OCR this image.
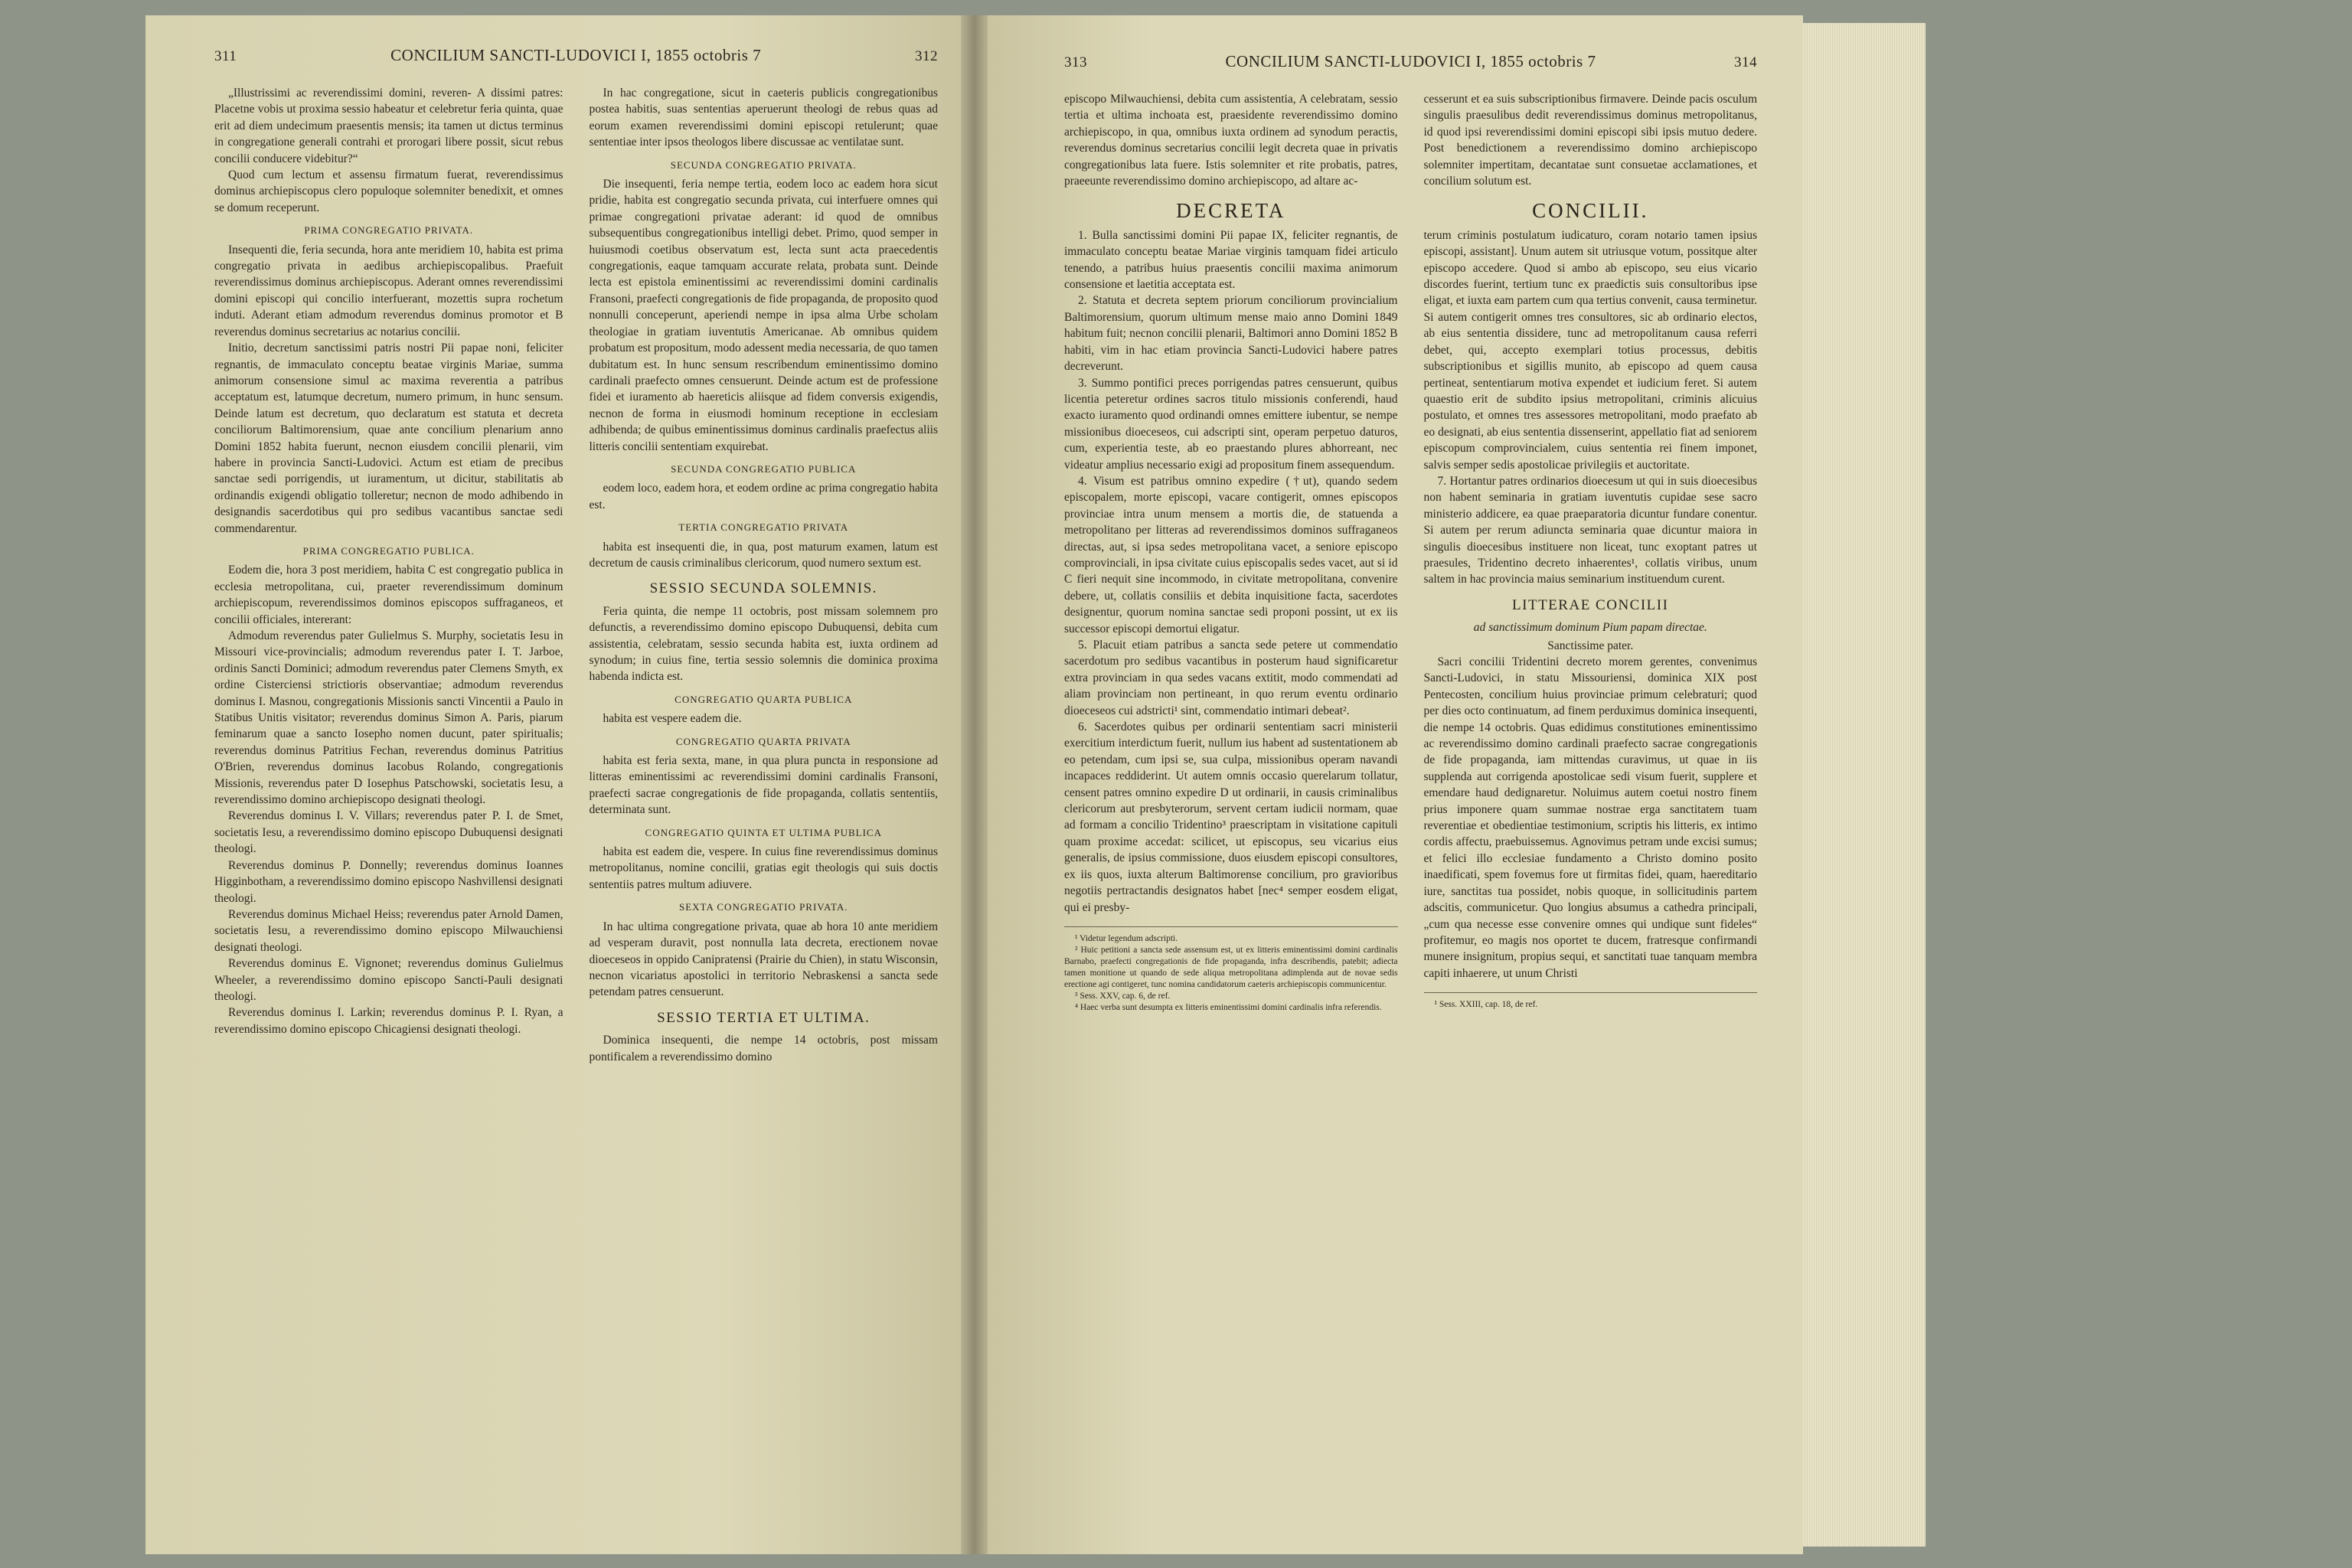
311	CONCILIUM SANCTI-LUDOVICI I, 1855 octobris 7	312

„Illustrissimi ac reverendissimi domini, reveren- A dissimi patres: Placetne vobis ut proxima sessio habeatur et celebretur feria quinta, quae erit ad diem undecimum praesentis mensis; ita tamen ut dictus terminus in congregatione generali contrahi et prorogari libere possit, sicut rebus concilii conducere videbitur?“

Quod cum lectum et assensu firmatum fuerat, reverendissimus dominus archiepiscopus clero populoque solemniter benedixit, et omnes se domum receperunt.

PRIMA CONGREGATIO PRIVATA.

Insequenti die, feria secunda, hora ante meridiem 10, habita est prima congregatio privata in aedibus archiepiscopalibus. Praefuit reverendissimus dominus archiepiscopus. Aderant omnes reverendissimi domini episcopi qui concilio interfuerant, mozettis supra rochetum induti. Aderant etiam admodum reverendus dominus promotor et B reverendus dominus secretarius ac notarius concilii.

Initio, decretum sanctissimi patris nostri Pii papae noni, feliciter regnantis, de immaculato conceptu beatae virginis Mariae, summa animorum consensione simul ac maxima reverentia a patribus acceptatum est, latumque decretum, numero primum, in hunc sensum. Deinde latum est decretum, quo declaratum est statuta et decreta conciliorum Baltimorensium, quae ante concilium plenarium anno Domini 1852 habita fuerunt, necnon eiusdem concilii plenarii, vim habere in provincia Sancti-Ludovici. Actum est etiam de precibus sanctae sedi porrigendis, ut iuramentum, ut dicitur, stabilitatis ab ordinandis exigendi obligatio tolleretur; necnon de modo adhibendo in designandis sacerdotibus qui pro sedibus vacantibus sanctae sedi commendarentur.

PRIMA CONGREGATIO PUBLICA.

Eodem die, hora 3 post meridiem, habita C est congregatio publica in ecclesia metropolitana, cui, praeter reverendissimum dominum archiepiscopum, reverendissimos dominos episcopos suffraganeos, et concilii officiales, intererant:

Admodum reverendus pater Gulielmus S. Murphy, societatis Iesu in Missouri vice-provincialis; admodum reverendus pater I. T. Jarboe, ordinis Sancti Dominici; admodum reverendus pater Clemens Smyth, ex ordine Cisterciensi strictioris observantiae; admodum reverendus dominus I. Masnou, congregationis Missionis sancti Vincentii a Paulo in Statibus Unitis visitator; reverendus dominus Simon A. Paris, piarum feminarum quae a sancto Iosepho nomen ducunt, pater spiritualis; reverendus dominus Patritius Fechan, reverendus dominus Patritius O'Brien, reverendus dominus Iacobus Rolando, congregationis Missionis, reverendus pater D Iosephus Patschowski, societatis Iesu, a reverendissimo domino archiepiscopo designati theologi.

Reverendus dominus I. V. Villars; reverendus pater P. I. de Smet, societatis Iesu, a reverendissimo domino episcopo Dubuquensi designati theologi.

Reverendus dominus P. Donnelly; reverendus dominus Ioannes Higginbotham, a reverendissimo domino episcopo Nashvillensi designati theologi.

Reverendus dominus Michael Heiss; reverendus pater Arnold Damen, societatis Iesu, a reverendissimo domino episcopo Milwauchiensi designati theologi.

Reverendus dominus E. Vignonet; reverendus dominus Gulielmus Wheeler, a reverendissimo domino episcopo Sancti-Pauli designati theologi.

Reverendus dominus I. Larkin; reverendus dominus P. I. Ryan, a reverendissimo domino episcopo Chicagiensi designati theologi.

In hac congregatione, sicut in caeteris publicis congregationibus postea habitis, suas sententias aperuerunt theologi de rebus quas ad eorum examen reverendissimi domini episcopi retulerunt; quae sententiae inter ipsos theologos libere discussae ac ventilatae sunt.

SECUNDA CONGREGATIO PRIVATA.

Die insequenti, feria nempe tertia, eodem loco ac eadem hora sicut pridie, habita est congregatio secunda privata, cui interfuere omnes qui primae congregationi privatae aderant: id quod de omnibus subsequentibus congregationibus intelligi debet. Primo, quod semper in huiusmodi coetibus observatum est, lecta sunt acta praecedentis congregationis, eaque tamquam accurate relata, probata sunt. Deinde lecta est epistola eminentissimi ac reverendissimi domini cardinalis Fransoni, praefecti congregationis de fide propaganda, de proposito quod nonnulli conceperunt, aperiendi nempe in ipsa alma Urbe scholam theologiae in gratiam iuventutis Americanae. Ab omnibus quidem probatum est propositum, modo adessent media necessaria, de quo tamen dubitatum est. In hunc sensum rescribendum eminentissimo domino cardinali praefecto omnes censuerunt. Deinde actum est de professione fidei et iuramento ab haereticis aliisque ad fidem conversis exigendis, necnon de forma in eiusmodi hominum receptione in ecclesiam adhibenda; de quibus eminentissimus dominus cardinalis praefectus aliis litteris concilii sententiam exquirebat.

SECUNDA CONGREGATIO PUBLICA

eodem loco, eadem hora, et eodem ordine ac prima congregatio habita est.

TERTIA CONGREGATIO PRIVATA

habita est insequenti die, in qua, post maturum examen, latum est decretum de causis criminalibus clericorum, quod numero sextum est.

SESSIO SECUNDA SOLEMNIS.

Feria quinta, die nempe 11 octobris, post missam solemnem pro defunctis, a reverendissimo domino episcopo Dubuquensi, debita cum assistentia, celebratam, sessio secunda habita est, iuxta ordinem ad synodum; in cuius fine, tertia sessio solemnis die dominica proxima habenda indicta est.

CONGREGATIO QUARTA PUBLICA

habita est vespere eadem die.

CONGREGATIO QUARTA PRIVATA

habita est feria sexta, mane, in qua plura puncta in responsione ad litteras eminentissimi ac reverendissimi domini cardinalis Fransoni, praefecti sacrae congregationis de fide propaganda, collatis sententiis, determinata sunt.

CONGREGATIO QUINTA ET ULTIMA PUBLICA

habita est eadem die, vespere. In cuius fine reverendissimus dominus metropolitanus, nomine concilii, gratias egit theologis qui suis doctis sententiis patres multum adiuvere.

SEXTA CONGREGATIO PRIVATA.

In hac ultima congregatione privata, quae ab hora 10 ante meridiem ad vesperam duravit, post nonnulla lata decreta, erectionem novae dioeceseos in oppido Canipratensi (Prairie du Chien), in statu Wisconsin, necnon vicariatus apostolici in territorio Nebraskensi a sancta sede petendam patres censuerunt.

SESSIO TERTIA ET ULTIMA.

Dominica insequenti, die nempe 14 octobris, post missam pontificalem a reverendissimo domino

313	CONCILIUM SANCTI-LUDOVICI I, 1855 octobris 7	314

episcopo Milwauchiensi, debita cum assistentia, A celebratam, sessio tertia et ultima inchoata est, praesidente reverendissimo domino archiepiscopo, in qua, omnibus iuxta ordinem ad synodum peractis, reverendus dominus secretarius concilii legit decreta quae in privatis congregationibus lata fuere. Istis solemniter et rite probatis, patres, praeeunte reverendissimo domino archiepiscopo, ad altare ac-

DECRETA

1. Bulla sanctissimi domini Pii papae IX, feliciter regnantis, de immaculato conceptu beatae Mariae virginis tamquam fidei articulo tenendo, a patribus huius praesentis concilii maxima animorum consensione et laetitia acceptata est.

2. Statuta et decreta septem priorum conciliorum provincialium Baltimorensium, quorum ultimum mense maio anno Domini 1849 habitum fuit; necnon concilii plenarii, Baltimori anno Domini 1852 B habiti, vim in hac etiam provincia Sancti-Ludovici habere patres decreverunt.

3. Summo pontifici preces porrigendas patres censuerunt, quibus licentia peteretur ordines sacros titulo missionis conferendi, haud exacto iuramento quod ordinandi omnes emittere iubentur, se nempe missionibus dioeceseos, cui adscripti sint, operam perpetuo daturos, cum, experientia teste, ab eo praestando plures abhorreant, nec videatur amplius necessario exigi ad propositum finem assequendum.

4. Visum est patribus omnino expedire (†ut), quando sedem episcopalem, morte episcopi, vacare contigerit, omnes episcopos provinciae intra unum mensem a mortis die, de statuenda a metropolitano per litteras ad reverendissimos dominos suffraganeos directas, aut, si ipsa sedes metropolitana vacet, a seniore episcopo comprovinciali, in ipsa civitate cuius episcopalis sedes vacet, aut si id C fieri nequit sine incommodo, in civitate metropolitana, convenire debere, ut, collatis consiliis et debita inquisitione facta, sacerdotes designentur, quorum nomina sanctae sedi proponi possint, ut ex iis successor episcopi demortui eligatur.

5. Placuit etiam patribus a sancta sede petere ut commendatio sacerdotum pro sedibus vacantibus in posterum haud significaretur extra provinciam in qua sedes vacans extitit, modo commendati ad aliam provinciam non pertineant, in quo rerum eventu ordinario dioeceseos cui adstricti¹ sint, commendatio intimari debeat².

6. Sacerdotes quibus per ordinarii sententiam sacri ministerii exercitium interdictum fuerit, nullum ius habent ad sustentationem ab eo petendam, cum ipsi se, sua culpa, missionibus operam navandi incapaces reddiderint. Ut autem omnis occasio querelarum tollatur, censent patres omnino expedire D ut ordinarii, in causis criminalibus clericorum aut presbyterorum, servent certam iudicii normam, quae ad formam a concilio Tridentino³ praescriptam in visitatione capituli quam proxime accedat: scilicet, ut episcopus, seu vicarius eius generalis, de ipsius commissione, duos eiusdem episcopi consultores, ex iis quos, iuxta alterum Baltimorense concilium, pro gravioribus negotiis pertractandis designatos habet [nec⁴ semper eosdem eligat, qui ei presby-

¹ Videtur legendum adscripti.

² Huic petitioni a sancta sede assensum est, ut ex litteris eminentissimi domini cardinalis Barnabo, praefecti congregationis de fide propaganda, infra describendis, patebit; adiecta tamen monitione ut quando de sede aliqua metropolitana adimplenda aut de novae sedis erectione agi contigeret, tunc nomina candidatorum caeteris archiepiscopis communicentur.

³ Sess. XXV, cap. 6, de ref.

⁴ Haec verba sunt desumpta ex litteris eminentissimi domini cardinalis infra referendis.

cesserunt et ea suis subscriptionibus firmavere. Deinde pacis osculum singulis praesulibus dedit reverendissimus dominus metropolitanus, id quod ipsi reverendissimi domini episcopi sibi ipsis mutuo dedere. Post benedictionem a reverendissimo domino archiepiscopo solemniter impertitam, decantatae sunt consuetae acclamationes, et concilium solutum est.

CONCILII.

terum criminis postulatum iudicaturo, coram notario tamen ipsius episcopi, assistant]. Unum autem sit utriusque votum, possitque alter episcopo accedere. Quod si ambo ab episcopo, seu eius vicario discordes fuerint, tertium tunc ex praedictis suis consultoribus ipse eligat, et iuxta eam partem cum qua tertius convenit, causa terminetur. Si autem contigerit omnes tres consultores, sic ab ordinario electos, ab eius sententia dissidere, tunc ad metropolitanum causa referri debet, qui, accepto exemplari totius processus, debitis subscriptionibus et sigillis munito, ab episcopo ad quem causa pertineat, sententiarum motiva expendet et iudicium feret. Si autem quaestio erit de subdito ipsius metropolitani, criminis alicuius postulato, et omnes tres assessores metropolitani, modo praefato ab eo designati, ab eius sententia dissenserint, appellatio fiat ad seniorem episcopum comprovincialem, cuius sententia rei finem imponet, salvis semper sedis apostolicae privilegiis et auctoritate.

7. Hortantur patres ordinarios dioecesum ut qui in suis dioecesibus non habent seminaria in gratiam iuventutis cupidae sese sacro ministerio addicere, ea quae praeparatoria dicuntur fundare conentur. Si autem per rerum adiuncta seminaria quae dicuntur maiora in singulis dioecesibus instituere non liceat, tunc exoptant patres ut praesules, Tridentino decreto inhaerentes¹, collatis viribus, unum saltem in hac provincia maius seminarium instituendum curent.

LITTERAE CONCILII
ad sanctissimum dominum Pium papam directae.
Sanctissime pater.

Sacri concilii Tridentini decreto morem gerentes, convenimus Sancti-Ludovici, in statu Missouriensi, dominica XIX post Pentecosten, concilium huius provinciae primum celebraturi; quod per dies octo continuatum, ad finem perduximus dominica insequenti, die nempe 14 octobris. Quas edidimus constitutiones eminentissimo ac reverendissimo domino cardinali praefecto sacrae congregationis de fide propaganda, iam mittendas curavimus, ut quae in iis supplenda aut corrigenda apostolicae sedi visum fuerit, supplere et emendare haud dedignaretur. Noluimus autem coetui nostro finem prius imponere quam summae nostrae erga sanctitatem tuam reverentiae et obedientiae testimonium, scriptis his litteris, ex intimo cordis affectu, praebuissemus. Agnovimus petram unde excisi sumus; et felici illo ecclesiae fundamento a Christo domino posito inaedificati, spem fovemus fore ut firmitas fidei, quam, haereditario iure, sanctitas tua possidet, nobis quoque, in sollicitudinis partem adscitis, communicetur. Quo longius absumus a cathedra principali, „cum qua necesse esse convenire omnes qui undique sunt fideles“ profitemur, eo magis nos oportet te ducem, fratresque confirmandi munere insignitum, propius sequi, et sanctitati tuae tanquam membra capiti inhaerere, ut unum Christi

¹ Sess. XXIII, cap. 18, de ref.
